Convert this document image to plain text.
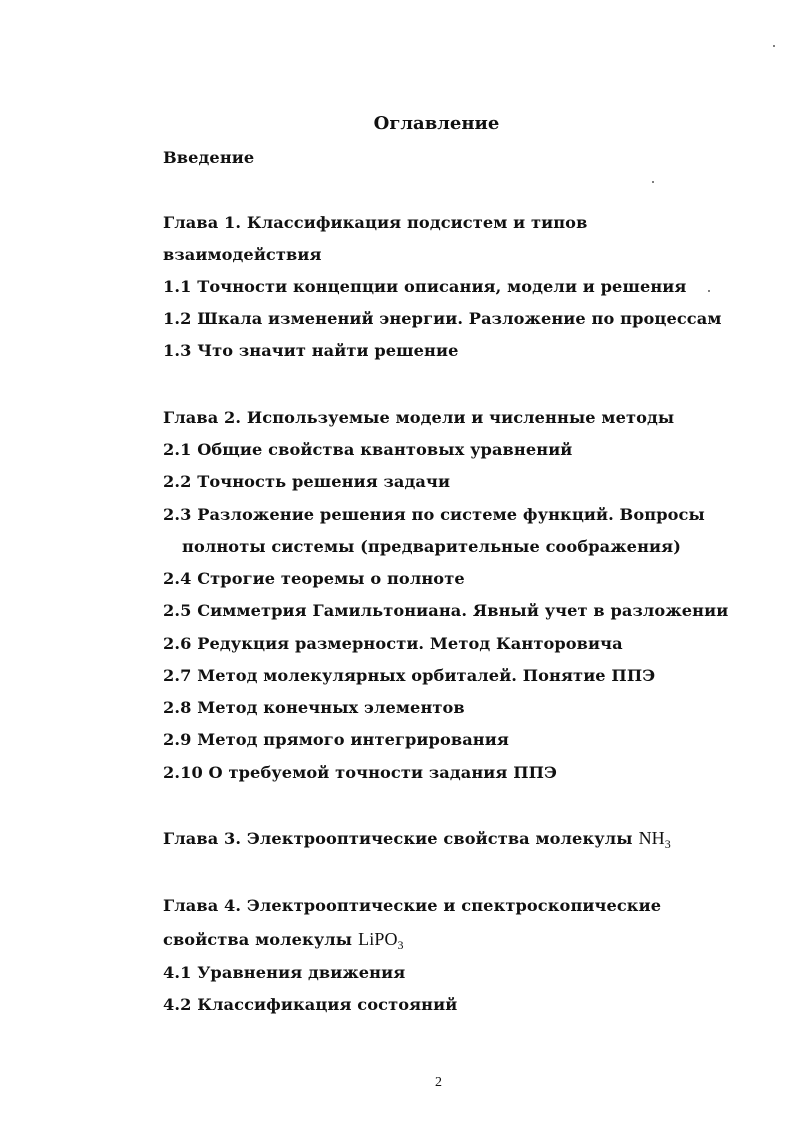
Оглавление
Введение
Глава 1. Классификация подсистем и типов
взаимодействия
1.1 Точности концепции описания, модели и решения
1.2 Шкала изменений энергии. Разложение по процессам
1.3 Что значит найти решение
Глава 2. Используемые модели и численные методы
2.1 Общие свойства квантовых уравнений
2.2 Точность решения задачи
2.3 Разложение решения по системе функций. Вопросы
полноты системы (предварительные соображения)
2.4 Строгие теоремы о полноте
2.5 Симметрия Гамильтониана. Явный учет в разложении
2.6 Редукция размерности. Метод Канторовича
2.7 Метод молекулярных орбиталей. Понятие ППЭ
2.8 Метод конечных элементов
2.9 Метод прямого интегрирования
2.10 О требуемой точности задания ППЭ
Глава 3. Электрооптические свойства молекулы $NH_3$
Глава 4. Электрооптические и спектроскопические
свойства молекулы LiPO$_3$
4.1 Уравнения движения
4.2 Классификация состояний
2
